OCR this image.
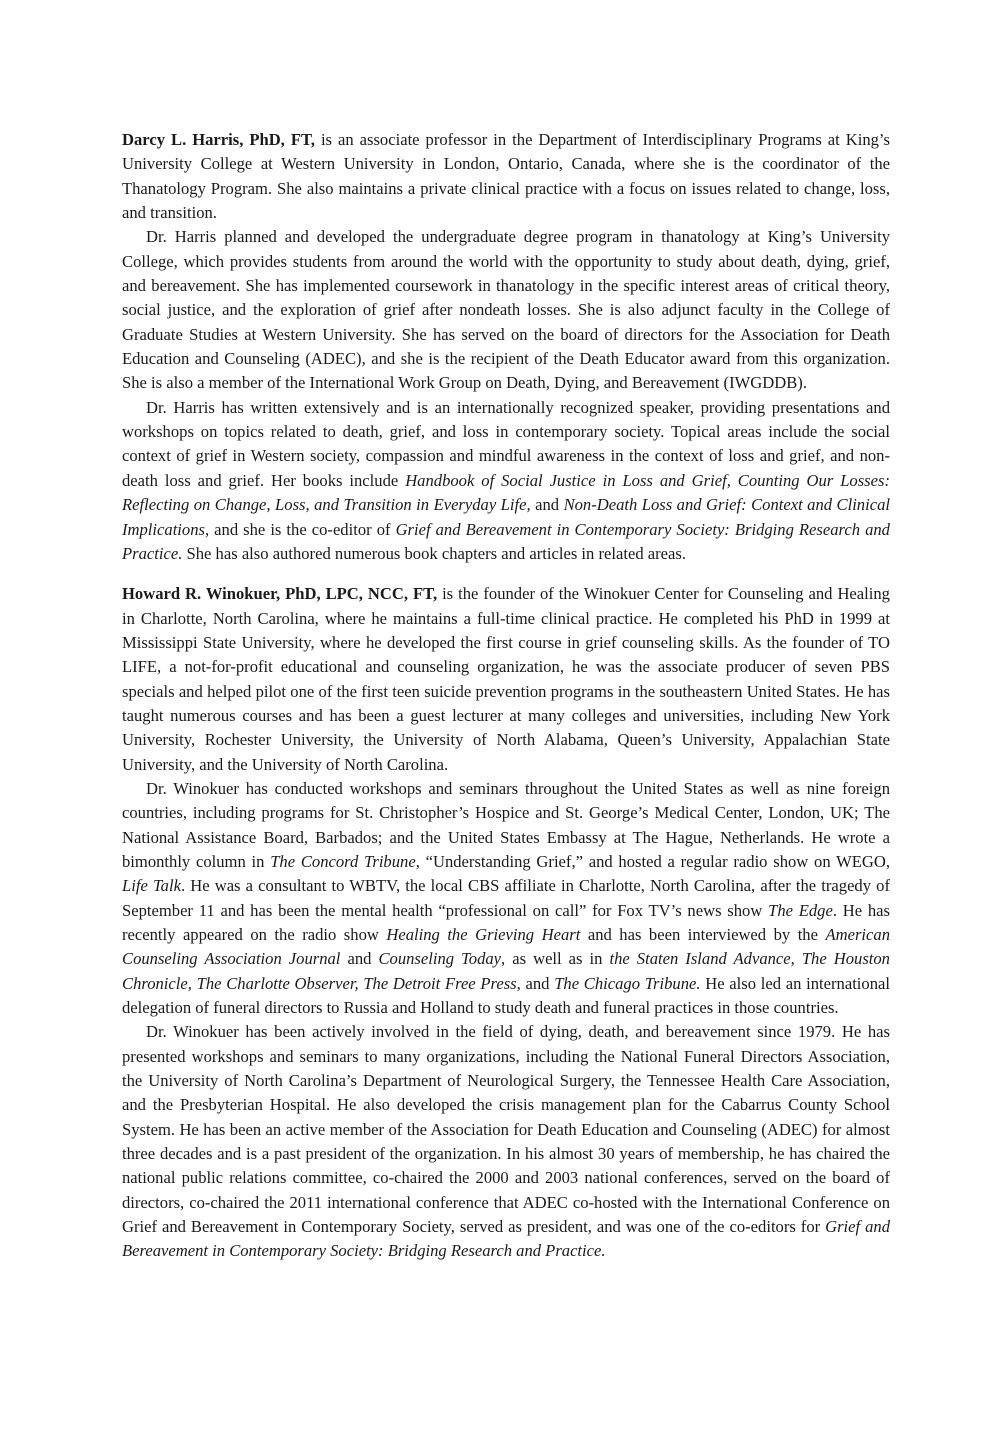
Darcy L. Harris, PhD, FT, is an associate professor in the Department of Interdisciplinary Programs at King’s University College at Western University in London, Ontario, Canada, where she is the coordinator of the Thanatology Program. She also maintains a private clinical practice with a focus on issues related to change, loss, and transition.

Dr. Harris planned and developed the undergraduate degree program in thanatology at King’s University College, which provides students from around the world with the opportunity to study about death, dying, grief, and bereavement. She has implemented coursework in thanatology in the specific interest areas of critical theory, social justice, and the exploration of grief after nondeath losses. She is also adjunct faculty in the College of Graduate Studies at Western University. She has served on the board of directors for the Association for Death Education and Counseling (ADEC), and she is the recipient of the Death Educator award from this organization. She is also a member of the International Work Group on Death, Dying, and Bereavement (IWGDDB).

Dr. Harris has written extensively and is an internationally recognized speaker, providing presentations and workshops on topics related to death, grief, and loss in contemporary society. Topical areas include the social context of grief in Western society, compassion and mindful awareness in the context of loss and grief, and non-death loss and grief. Her books include Handbook of Social Justice in Loss and Grief, Counting Our Losses: Reflecting on Change, Loss, and Transition in Everyday Life, and Non-Death Loss and Grief: Context and Clinical Implications, and she is the co-editor of Grief and Bereavement in Contemporary Society: Bridging Research and Practice. She has also authored numerous book chapters and articles in related areas.

Howard R. Winokuer, PhD, LPC, NCC, FT, is the founder of the Winokuer Center for Counseling and Healing in Charlotte, North Carolina, where he maintains a full-time clinical practice. He completed his PhD in 1999 at Mississippi State University, where he developed the first course in grief counseling skills. As the founder of TO LIFE, a not-for-profit educational and counseling organization, he was the associate producer of seven PBS specials and helped pilot one of the first teen suicide prevention programs in the southeastern United States. He has taught numerous courses and has been a guest lecturer at many colleges and universities, including New York University, Rochester University, the University of North Alabama, Queen’s University, Appalachian State University, and the University of North Carolina.

Dr. Winokuer has conducted workshops and seminars throughout the United States as well as nine foreign countries, including programs for St. Christopher’s Hospice and St. George’s Medical Center, London, UK; The National Assistance Board, Barbados; and the United States Embassy at The Hague, Netherlands. He wrote a bimonthly column in The Concord Tribune, “Understanding Grief,” and hosted a regular radio show on WEGO, Life Talk. He was a consultant to WBTV, the local CBS affiliate in Charlotte, North Carolina, after the tragedy of September 11 and has been the mental health “professional on call” for Fox TV’s news show The Edge. He has recently appeared on the radio show Healing the Grieving Heart and has been interviewed by the American Counseling Association Journal and Counseling Today, as well as in the Staten Island Advance, The Houston Chronicle, The Charlotte Observer, The Detroit Free Press, and The Chicago Tribune. He also led an international delegation of funeral directors to Russia and Holland to study death and funeral practices in those countries.

Dr. Winokuer has been actively involved in the field of dying, death, and bereavement since 1979. He has presented workshops and seminars to many organizations, including the National Funeral Directors Association, the University of North Carolina’s Department of Neurological Surgery, the Tennessee Health Care Association, and the Presbyterian Hospital. He also developed the crisis management plan for the Cabarrus County School System. He has been an active member of the Association for Death Education and Counseling (ADEC) for almost three decades and is a past president of the organization. In his almost 30 years of membership, he has chaired the national public relations committee, co-chaired the 2000 and 2003 national conferences, served on the board of directors, co-chaired the 2011 international conference that ADEC co-hosted with the International Conference on Grief and Bereavement in Contemporary Society, served as president, and was one of the co-editors for Grief and Bereavement in Contemporary Society: Bridging Research and Practice.
